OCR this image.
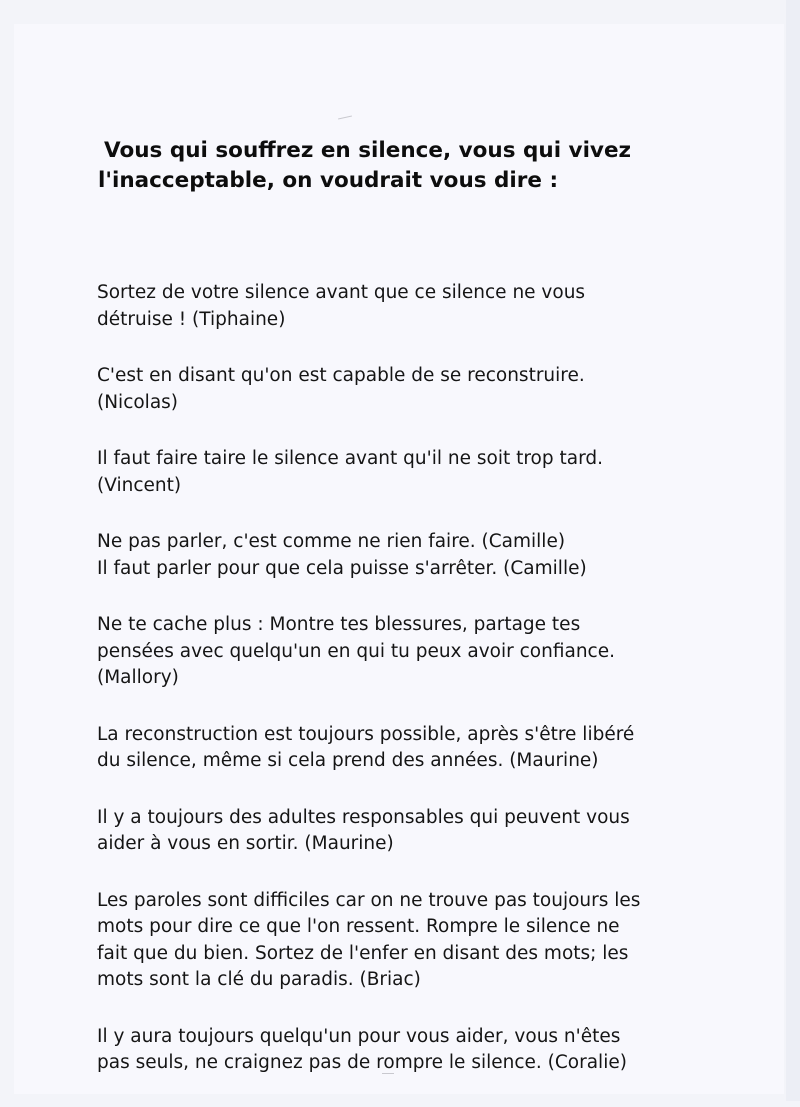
Vous qui souffrez en silence, vous qui vivez
l'inacceptable, on voudrait vous dire :

Sortez de votre silence avant que ce silence ne vous
détruise ! (Tiphaine)

C'est en disant qu'on est capable de se reconstruire.
(Nicolas)

Il faut faire taire le silence avant qu'il ne soit trop tard.
(Vincent)

Ne pas parler, c'est comme ne rien faire. (Camille)
Il faut parler pour que cela puisse s'arrêter. (Camille)

Ne te cache plus : Montre tes blessures, partage tes
pensées avec quelqu'un en qui tu peux avoir confiance.
(Mallory)

La reconstruction est toujours possible, après s'être libéré
du silence, même si cela prend des années. (Maurine)

Il y a toujours des adultes responsables qui peuvent vous
aider à vous en sortir. (Maurine)

Les paroles sont difficiles car on ne trouve pas toujours les
mots pour dire ce que l'on ressent. Rompre le silence ne
fait que du bien. Sortez de l'enfer en disant des mots; les
mots sont la clé du paradis. (Briac)

Il y aura toujours quelqu'un pour vous aider, vous n'êtes
pas seuls, ne craignez pas de rompre le silence. (Coralie)
